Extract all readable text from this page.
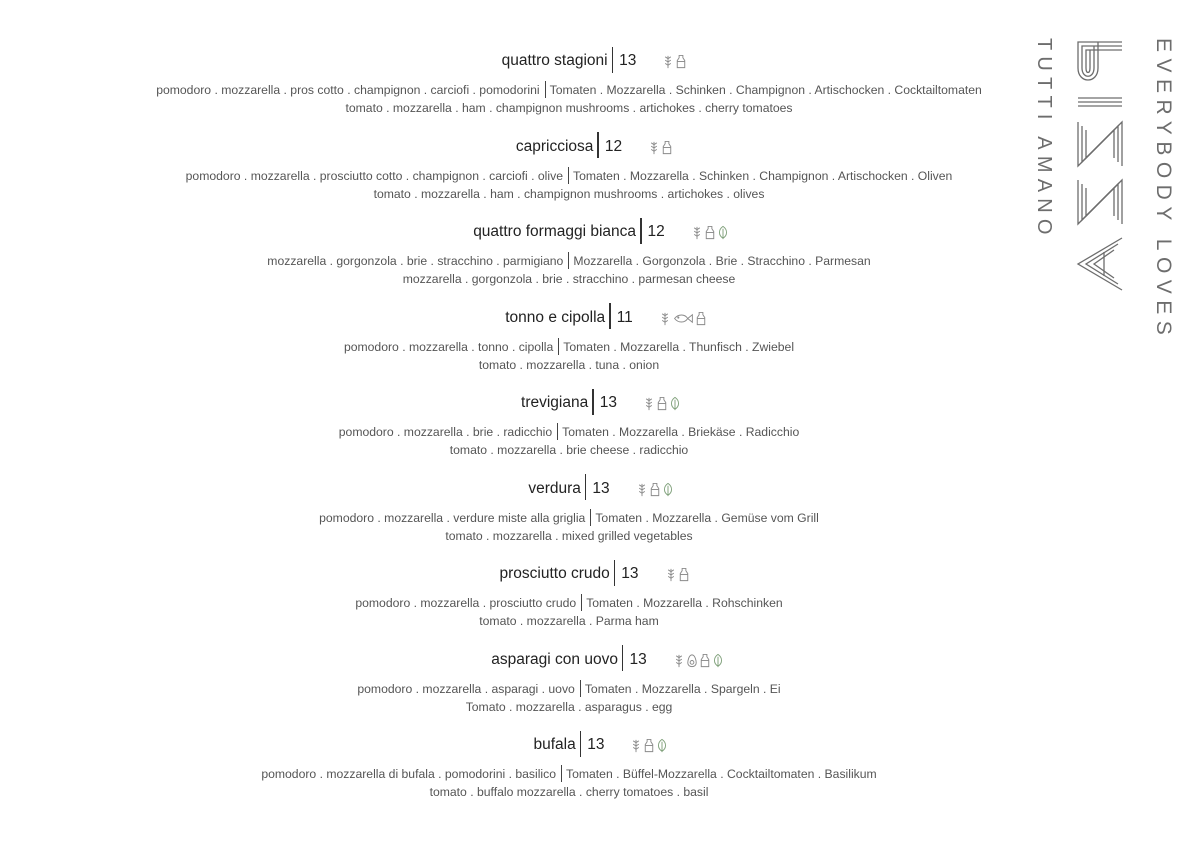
quattro stagioni 13
pomodoro . mozzarella . pros cotto . champignon . carciofi . pomodorini Tomaten . Mozzarella . Schinken . Champignon . Artischocken . Cocktailtomaten
tomato . mozzarella . ham . champignon mushrooms . artichokes . cherry tomatoes
capricciosa 12
pomodoro . mozzarella . prosciutto cotto . champignon . carciofi . olive Tomaten . Mozzarella . Schinken . Champignon . Artischocken . Oliven
tomato . mozzarella . ham . champignon mushrooms . artichokes . olives
quattro formaggi bianca 12
mozzarella . gorgonzola . brie . stracchino . parmigiano Mozzarella . Gorgonzola . Brie . Stracchino . Parmesan
mozzarella . gorgonzola . brie . stracchino . parmesan cheese
tonno e cipolla 11
pomodoro . mozzarella . tonno . cipolla Tomaten . Mozzarella . Thunfisch . Zwiebel
tomato . mozzarella . tuna . onion
trevigiana 13
pomodoro . mozzarella . brie . radicchio Tomaten . Mozzarella . Briekäse . Radicchio
tomato . mozzarella . brie cheese . radicchio
verdura 13
pomodoro . mozzarella . verdure miste alla griglia Tomaten . Mozzarella . Gemüse vom Grill
tomato . mozzarella . mixed grilled vegetables
prosciutto crudo 13
pomodoro . mozzarella . prosciutto crudo Tomaten . Mozzarella . Rohschinken
tomato . mozzarella . Parma ham
asparagi con uovo 13
pomodoro . mozzarella . asparagi . uovo Tomaten . Mozzarella . Spargeln . Ei
Tomato . mozzarella . asparagus . egg
bufala 13
pomodoro . mozzarella di bufala . pomodorini . basilico Tomaten . Büffel-Mozzarella . Cocktailtomaten . Basilikum
tomato . buffalo mozzarella . cherry tomatoes . basil
EVERYBODY LOVES
TUTTI AMANO
